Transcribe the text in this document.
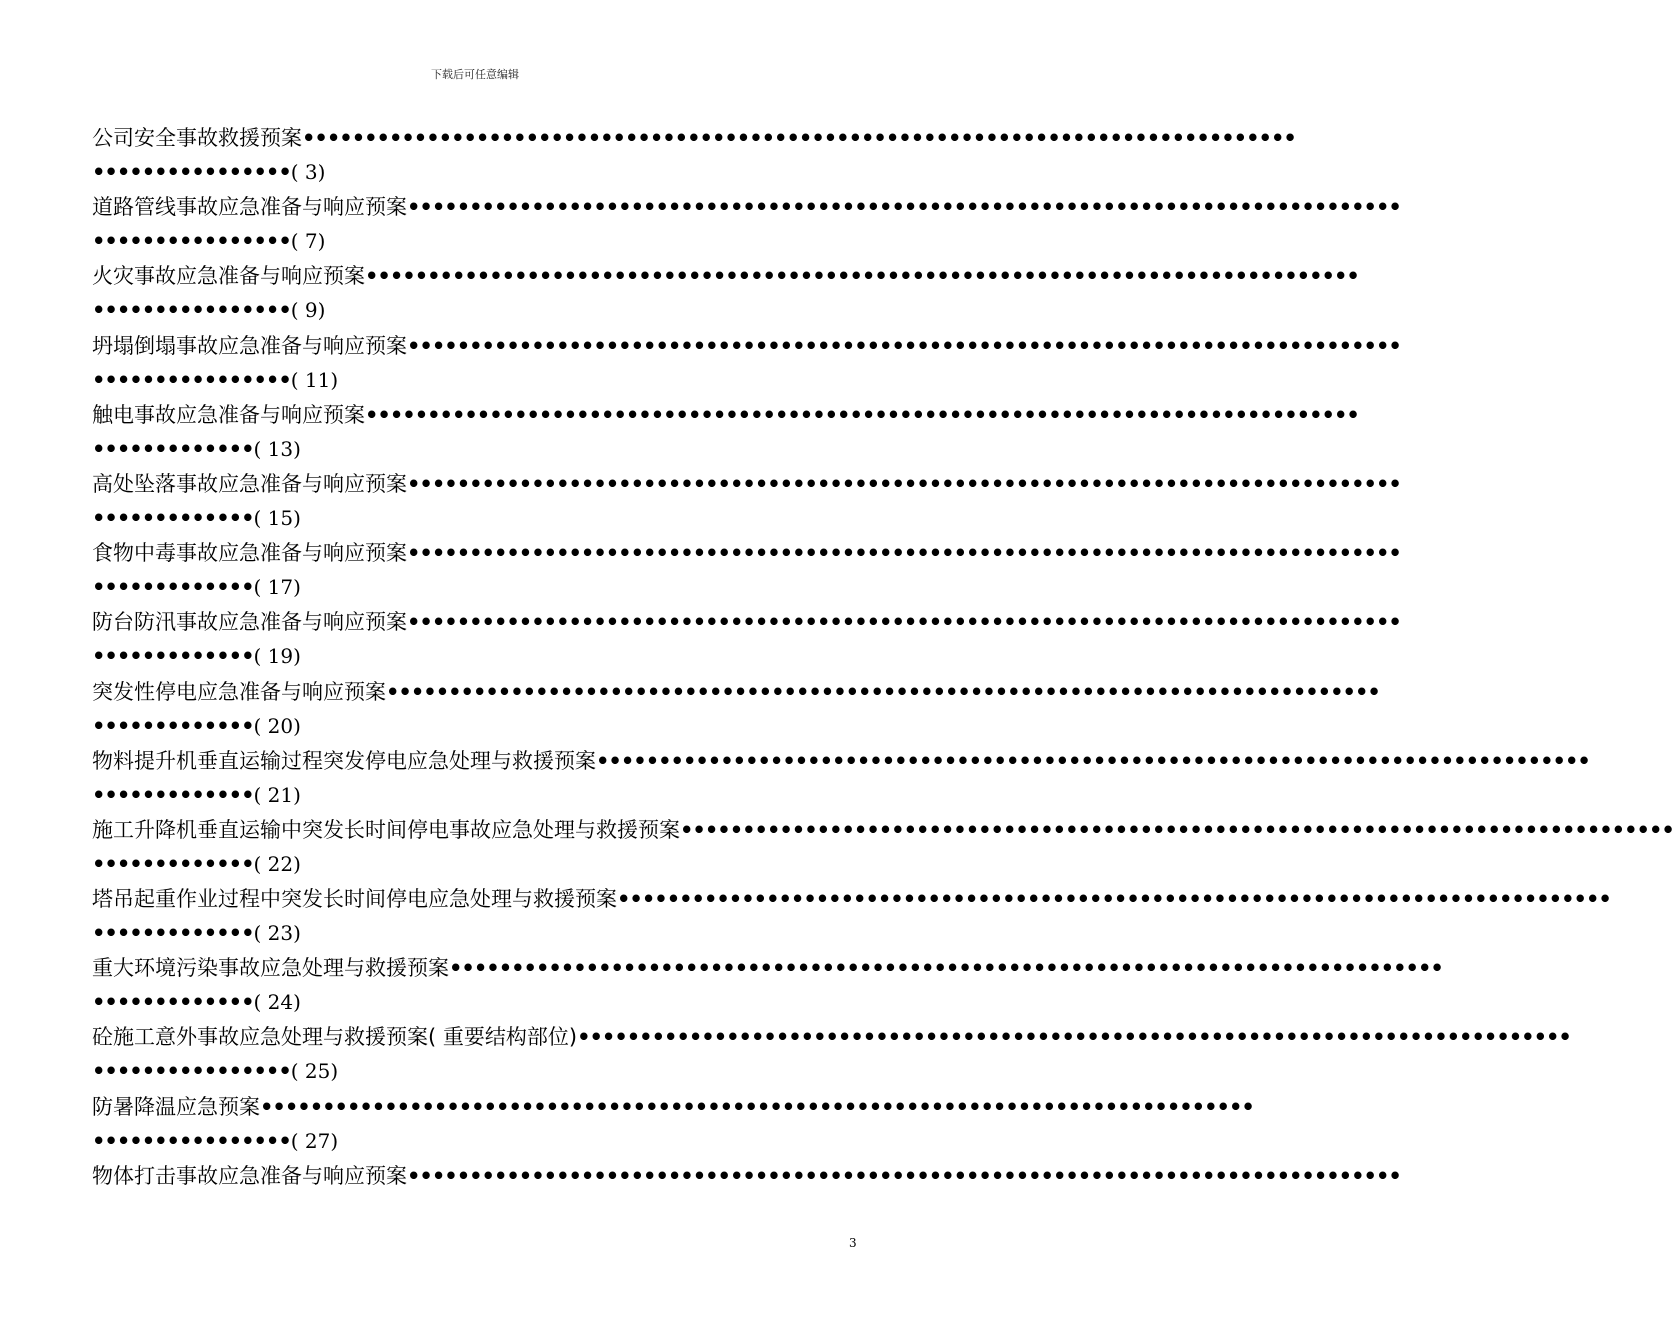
下载后可任意编辑
公司安全事故救援预案 ••••••••••••••••••••••••••••••••••••••••••••••••••••••••••••••••••••••••••••••••
•••••••••••••••• ( 3)
道路管线事故应急准备与响应预案 ••••••••••••••••••••••••••••••••••••••••••••••••••••••••••••••••••••••••••••••••
•••••••••••••••• ( 7)
火灾事故应急准备与响应预案 ••••••••••••••••••••••••••••••••••••••••••••••••••••••••••••••••••••••••••••••••
•••••••••••••••• ( 9)
坍塌倒塌事故应急准备与响应预案 ••••••••••••••••••••••••••••••••••••••••••••••••••••••••••••••••••••••••••••••••
•••••••••••••••• ( 11)
触电事故应急准备与响应预案 ••••••••••••••••••••••••••••••••••••••••••••••••••••••••••••••••••••••••••••••••
••••••••••••• ( 13)
高处坠落事故应急准备与响应预案 ••••••••••••••••••••••••••••••••••••••••••••••••••••••••••••••••••••••••••••••••
••••••••••••• ( 15)
食物中毒事故应急准备与响应预案 ••••••••••••••••••••••••••••••••••••••••••••••••••••••••••••••••••••••••••••••••
••••••••••••• ( 17)
防台防汛事故应急准备与响应预案 ••••••••••••••••••••••••••••••••••••••••••••••••••••••••••••••••••••••••••••••••
••••••••••••• ( 19)
突发性停电应急准备与响应预案 ••••••••••••••••••••••••••••••••••••••••••••••••••••••••••••••••••••••••••••••••
••••••••••••• ( 20)
物料提升机垂直运输过程突发停电应急处理与救援预案 ••••••••••••••••••••••••••••••••••••••••••••••••••••••••••••••••••••••••••••••••
••••••••••••• ( 21)
施工升降机垂直运输中突发长时间停电事故应急处理与救援预案 ••••••••••••••••••••••••••••••••••••••••••••••••••••••••••••••••••••••••••••••••
••••••••••••• ( 22)
塔吊起重作业过程中突发长时间停电应急处理与救援预案 ••••••••••••••••••••••••••••••••••••••••••••••••••••••••••••••••••••••••••••••••
••••••••••••• ( 23)
重大环境污染事故应急处理与救援预案 ••••••••••••••••••••••••••••••••••••••••••••••••••••••••••••••••••••••••••••••••
••••••••••••• ( 24)
砼施工意外事故应急处理与救援预案( 重要结构部位) ••••••••••••••••••••••••••••••••••••••••••••••••••••••••••••••••••••••••••••••••
•••••••••••••••• ( 25)
防暑降温应急预案 ••••••••••••••••••••••••••••••••••••••••••••••••••••••••••••••••••••••••••••••••
•••••••••••••••• ( 27)
物体打击事故应急准备与响应预案 ••••••••••••••••••••••••••••••••••••••••••••••••••••••••••••••••••••••••••••••••
3
